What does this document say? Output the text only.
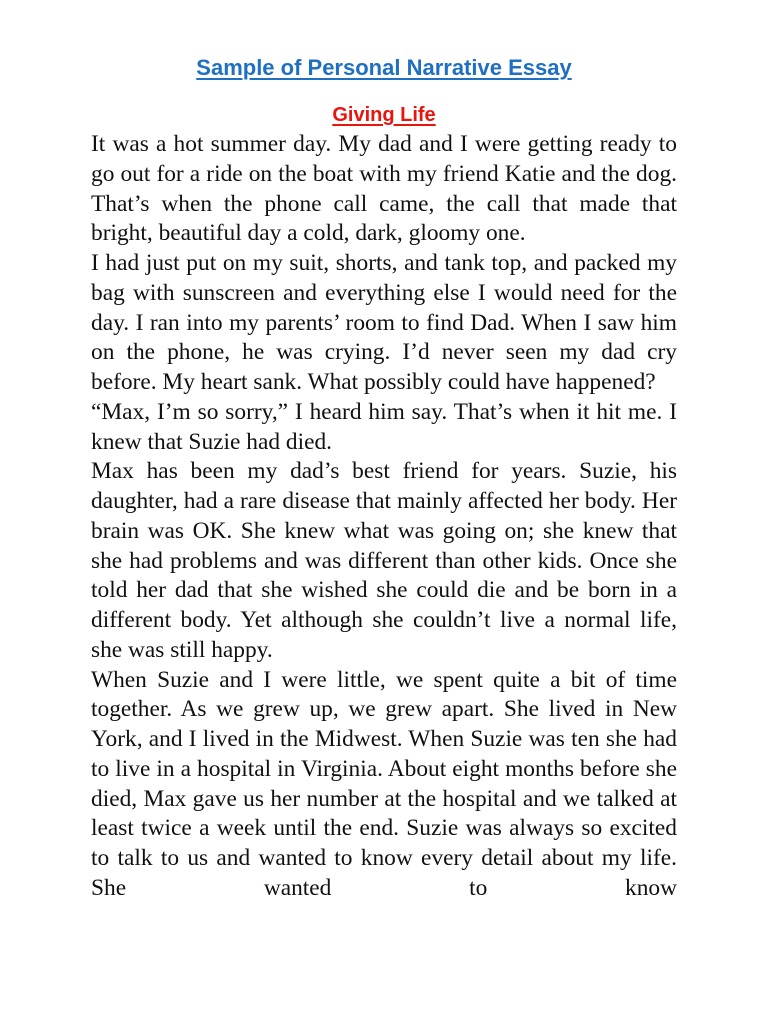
Sample of Personal Narrative Essay
Giving Life

It was a hot summer day. My dad and I were getting ready to go out for a ride on the boat with my friend Katie and the dog. That’s when the phone call came, the call that made that bright, beautiful day a cold, dark, gloomy one.

I had just put on my suit, shorts, and tank top, and packed my bag with sunscreen and everything else I would need for the day. I ran into my parents’ room to find Dad. When I saw him on the phone, he was crying. I’d never seen my dad cry before. My heart sank. What possibly could have happened?

“Max, I’m so sorry,” I heard him say. That’s when it hit me. I knew that Suzie had died.

Max has been my dad’s best friend for years. Suzie, his daughter, had a rare disease that mainly affected her body. Her brain was OK. She knew what was going on; she knew that she had problems and was different than other kids. Once she told her dad that she wished she could die and be born in a different body. Yet although she couldn’t live a normal life, she was still happy.

When Suzie and I were little, we spent quite a bit of time together. As we grew up, we grew apart. She lived in New York, and I lived in the Midwest. When Suzie was ten she had to live in a hospital in Virginia. About eight months before she died, Max gave us her number at the hospital and we talked at least twice a week until the end. Suzie was always so excited to talk to us and wanted to know every detail about my life. She wanted to know
